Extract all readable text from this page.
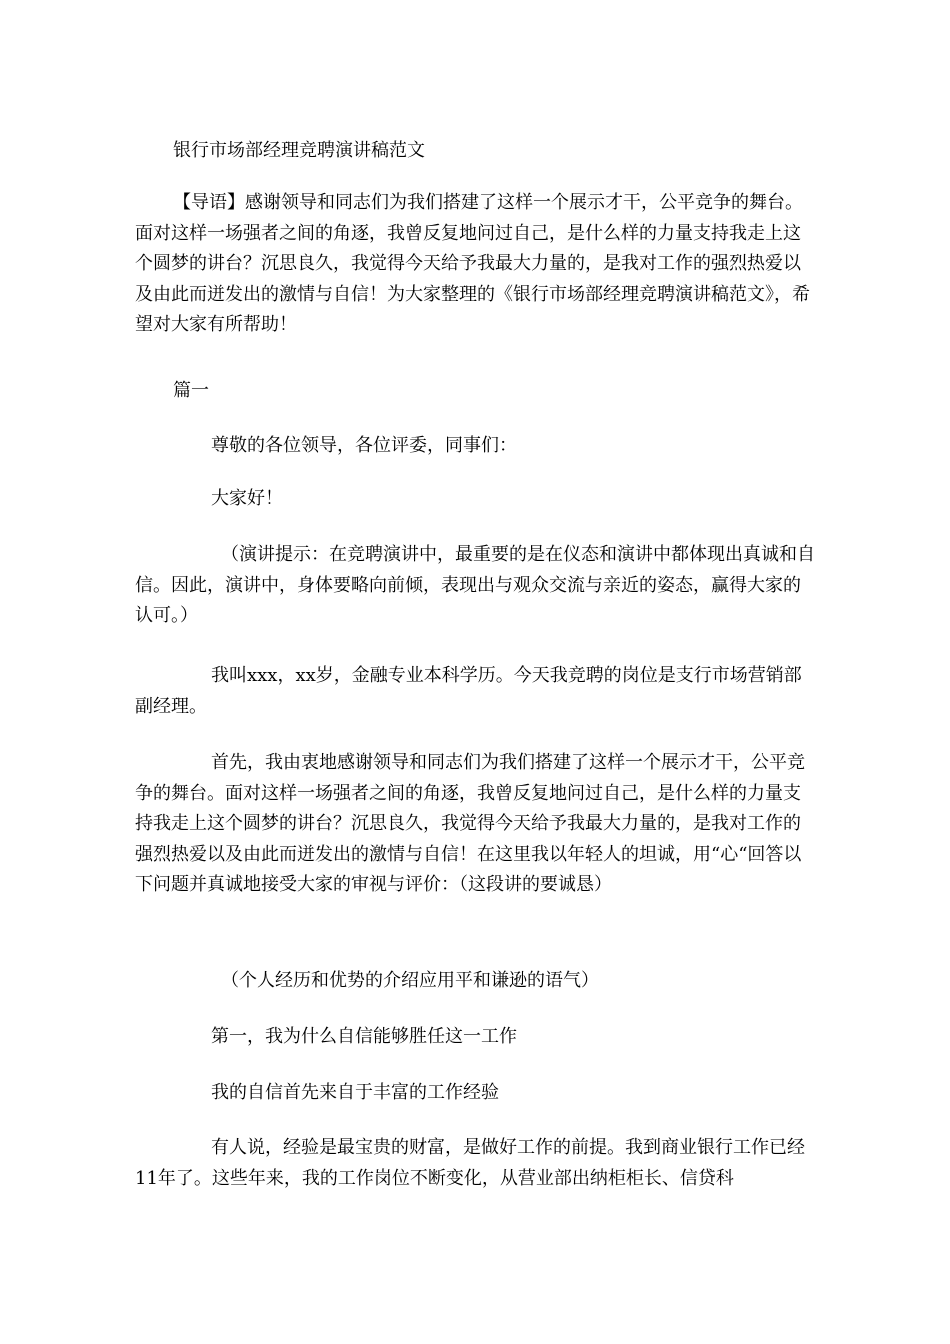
银行市场部经理竞聘演讲稿范文

【导语】感谢领导和同志们为我们搭建了这样一个展示才干，公平竞争的舞台。面对这样一场强者之间的角逐，我曾反复地问过自己，是什么样的力量支持我走上这个圆梦的讲台？沉思良久，我觉得今天给予我最大力量的，是我对工作的强烈热爱以及由此而迸发出的激情与自信！为大家整理的《银行市场部经理竞聘演讲稿范文》，希望对大家有所帮助！

篇一

尊敬的各位领导，各位评委，同事们：

大家好！

（演讲提示：在竞聘演讲中，最重要的是在仪态和演讲中都体现出真诚和自信。因此，演讲中，身体要略向前倾，表现出与观众交流与亲近的姿态，赢得大家的认可。）

我叫xxx，xx岁，金融专业本科学历。今天我竞聘的岗位是支行市场营销部副经理。

首先，我由衷地感谢领导和同志们为我们搭建了这样一个展示才干，公平竞争的舞台。面对这样一场强者之间的角逐，我曾反复地问过自己，是什么样的力量支持我走上这个圆梦的讲台？沉思良久，我觉得今天给予我最大力量的，是我对工作的强烈热爱以及由此而迸发出的激情与自信！在这里我以年轻人的坦诚，用“心“回答以下问题并真诚地接受大家的审视与评价：（这段讲的要诚恳）

（个人经历和优势的介绍应用平和谦逊的语气）

第一，我为什么自信能够胜任这一工作

我的自信首先来自于丰富的工作经验

有人说，经验是最宝贵的财富，是做好工作的前提。我到商业银行工作已经11年了。这些年来，我的工作岗位不断变化，从营业部出纳柜柜长、信贷科
